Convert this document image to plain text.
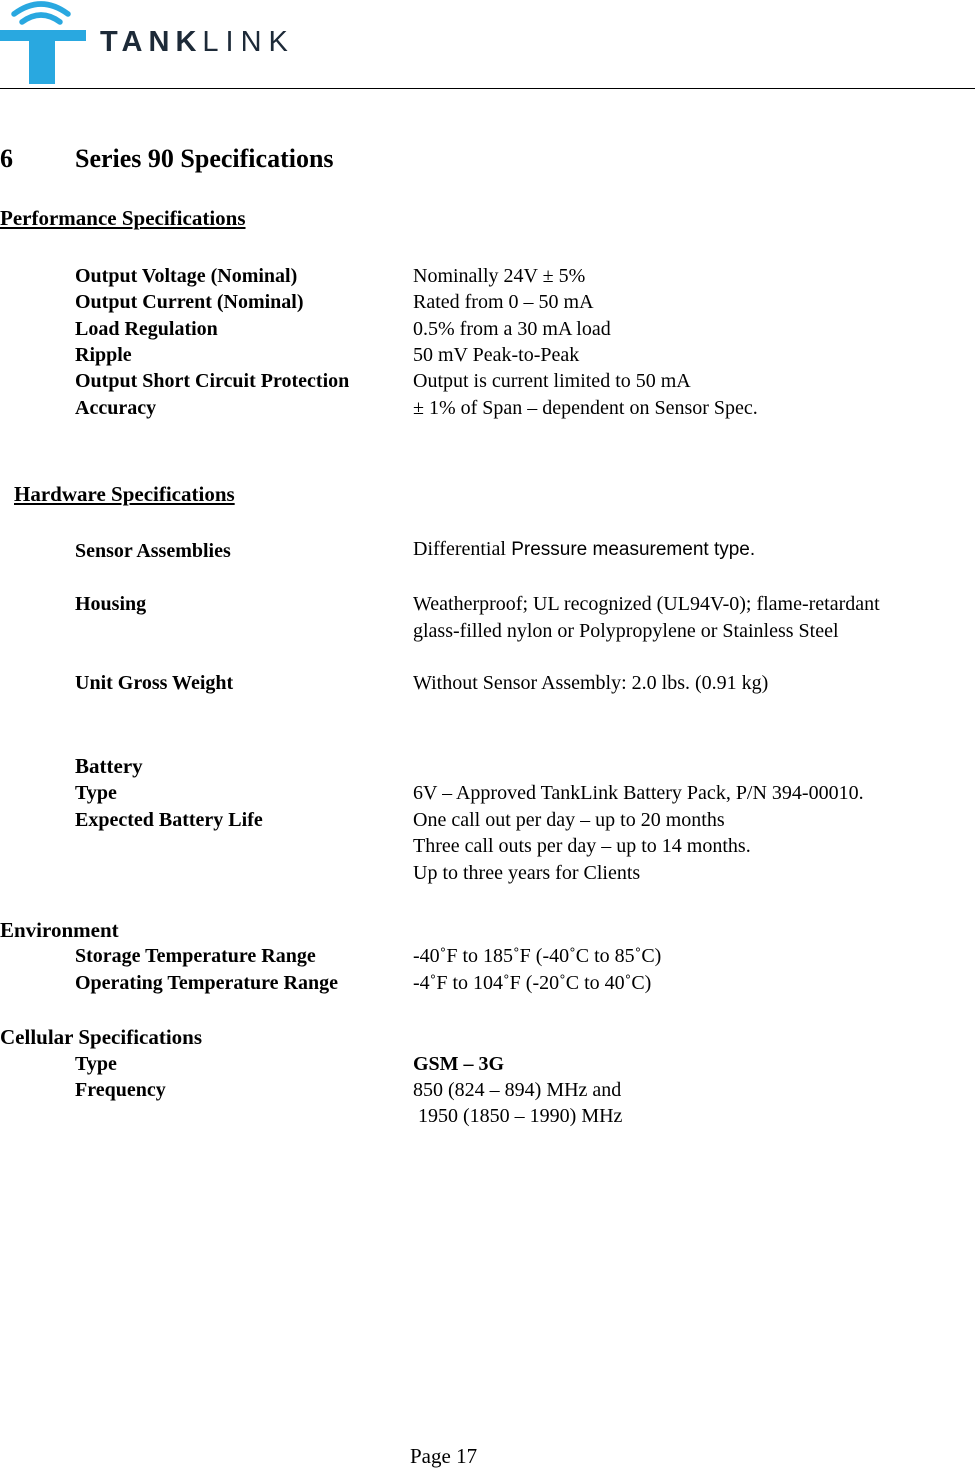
TANKLINK
6 Series 90 Specifications
Performance Specifications
Output Voltage (Nominal)	Nominally 24V ± 5%
Output Current (Nominal)	Rated from 0 – 50 mA
Load Regulation	0.5% from a 30 mA load
Ripple	50 mV Peak-to-Peak
Output Short Circuit Protection	Output is current limited to 50 mA
Accuracy	± 1% of Span – dependent on Sensor Spec.
Hardware Specifications
Sensor Assemblies	Differential Pressure measurement type.
Housing	Weatherproof; UL recognized (UL94V-0); flame-retardant
glass-filled nylon or Polypropylene or Stainless Steel
Unit Gross Weight	Without Sensor Assembly: 2.0 lbs. (0.91 kg)
Battery
Type	6V – Approved TankLink Battery Pack, P/N 394-00010.
Expected Battery Life	One call out per day – up to 20 months
Three call outs per day – up to 14 months.
Up to three years for Clients
Environment
Storage Temperature Range	-40˚F to 185˚F (-40˚C to 85˚C)
Operating Temperature Range	-4˚F to 104˚F (-20˚C to 40˚C)
Cellular Specifications
Type	GSM – 3G
Frequency	850 (824 – 894) MHz and
1950 (1850 – 1990) MHz
Page 17
